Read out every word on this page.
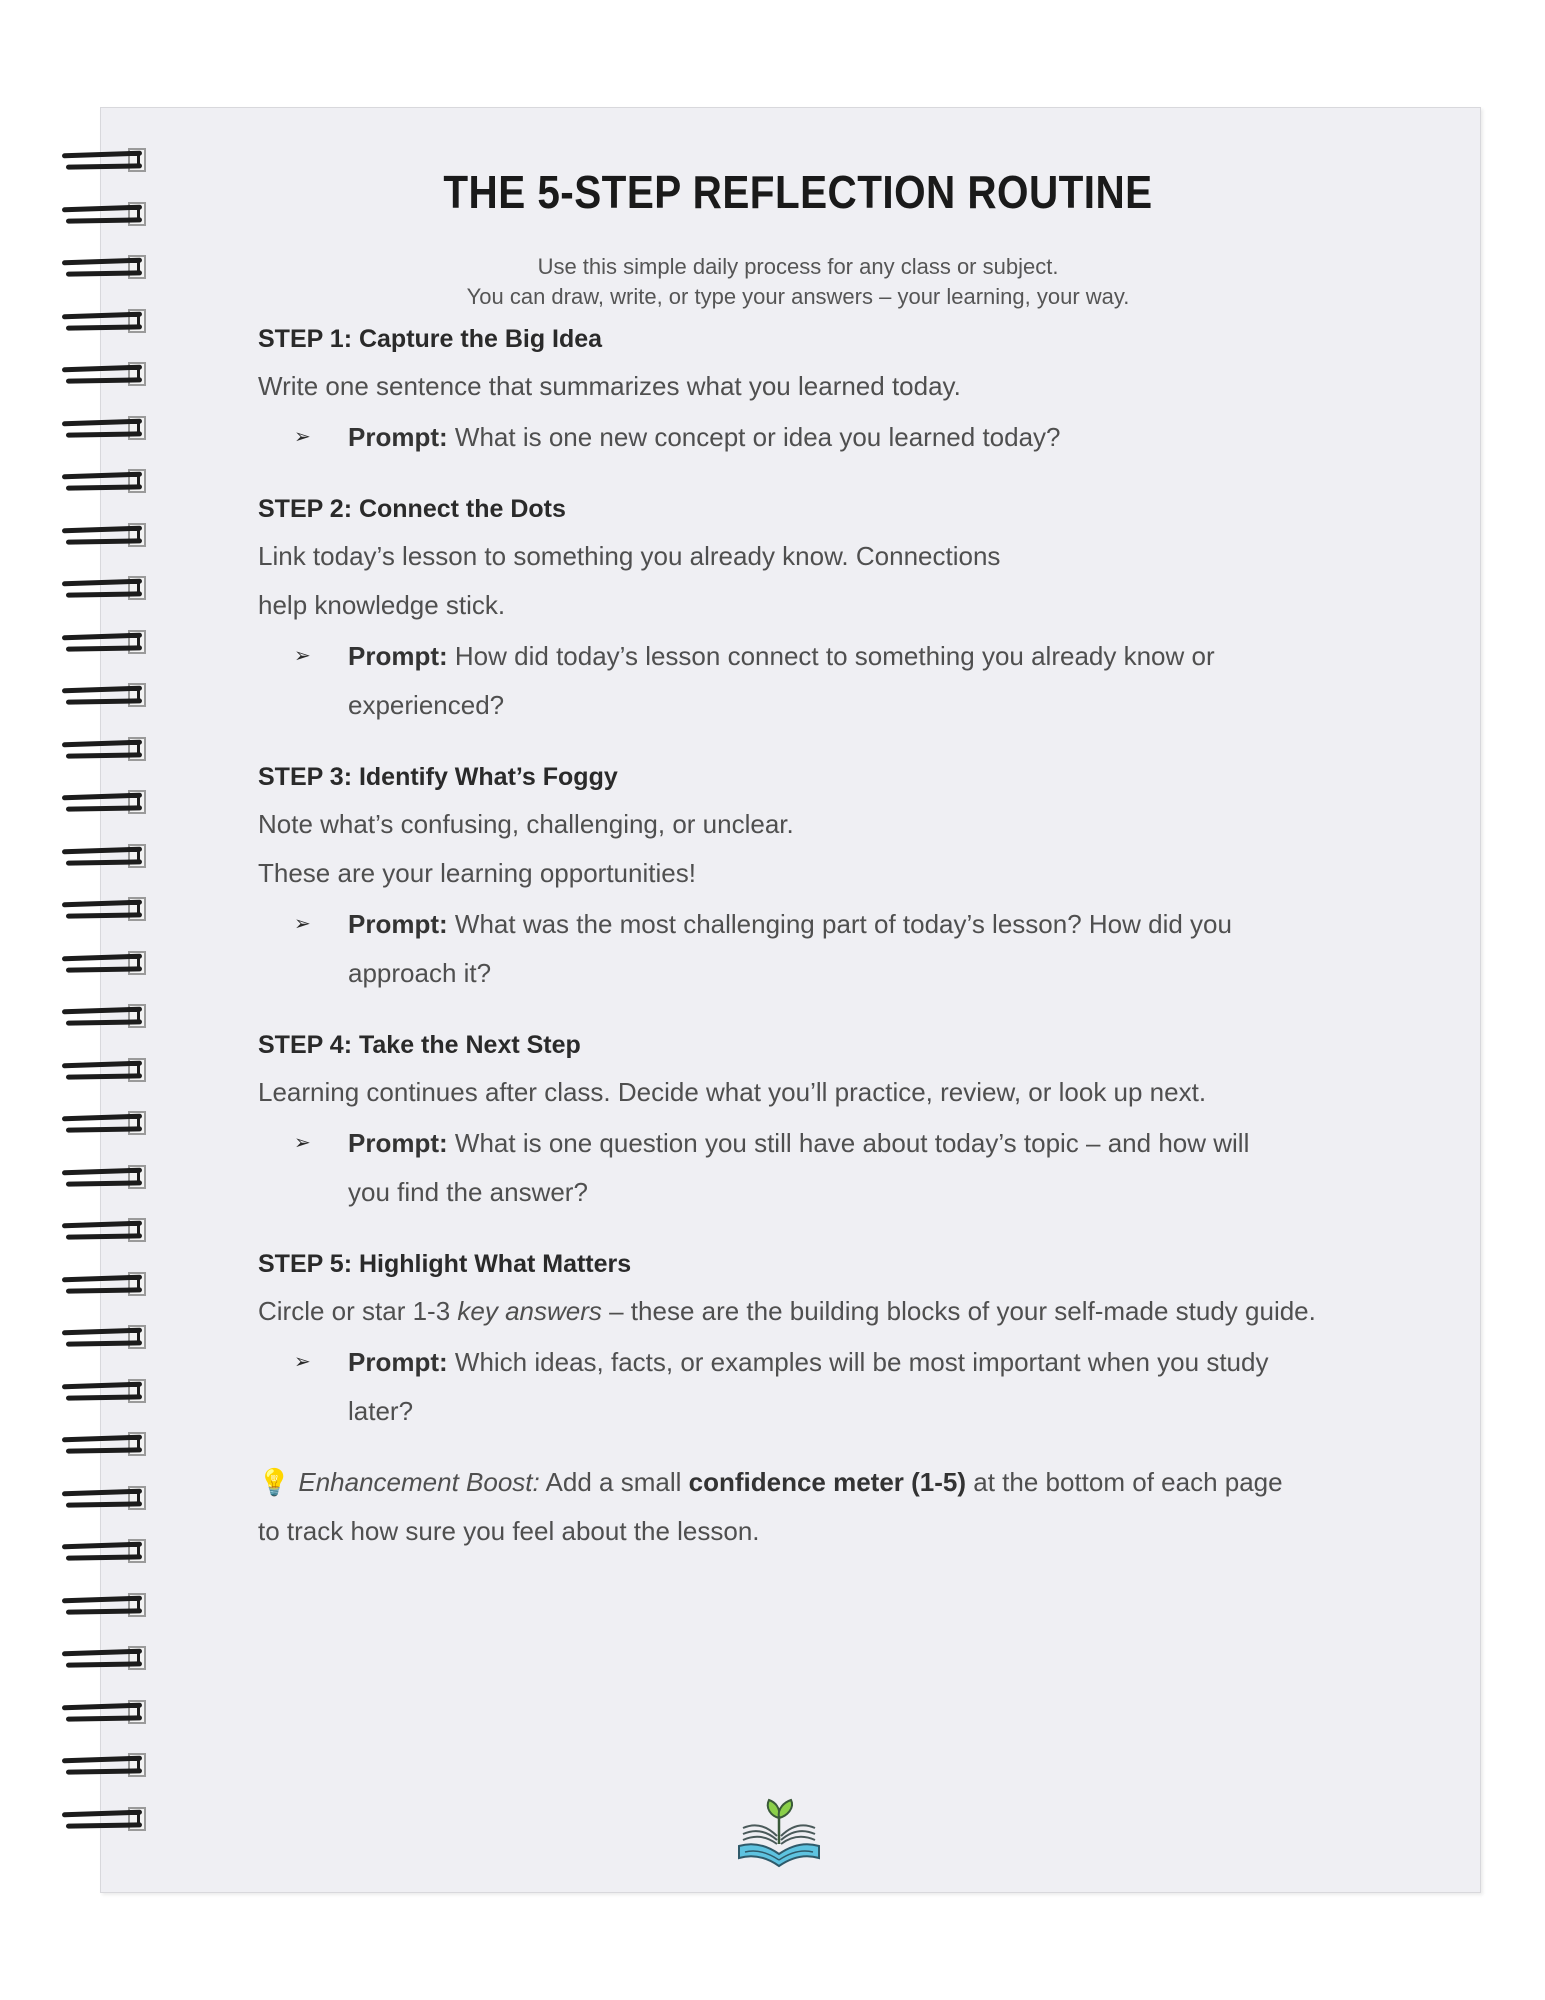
THE 5-STEP REFLECTION ROUTINE
Use this simple daily process for any class or subject.
You can draw, write, or type your answers – your learning, your way.
STEP 1: Capture the Big Idea
Write one sentence that summarizes what you learned today.
➢	Prompt: What is one new concept or idea you learned today?
STEP 2: Connect the Dots
Link today’s lesson to something you already know. Connections help knowledge stick.
➢	Prompt: How did today’s lesson connect to something you already know or experienced?
STEP 3: Identify What’s Foggy
Note what’s confusing, challenging, or unclear.
These are your learning opportunities!
➢	Prompt: What was the most challenging part of today’s lesson? How did you approach it?
STEP 4: Take the Next Step
Learning continues after class. Decide what you’ll practice, review, or look up next.
➢	Prompt: What is one question you still have about today’s topic – and how will you find the answer?
STEP 5: Highlight What Matters
Circle or star 1-3 key answers – these are the building blocks of your self-made study guide.
➢	Prompt: Which ideas, facts, or examples will be most important when you study later?
💡 Enhancement Boost: Add a small confidence meter (1-5) at the bottom of each page to track how sure you feel about the lesson.
